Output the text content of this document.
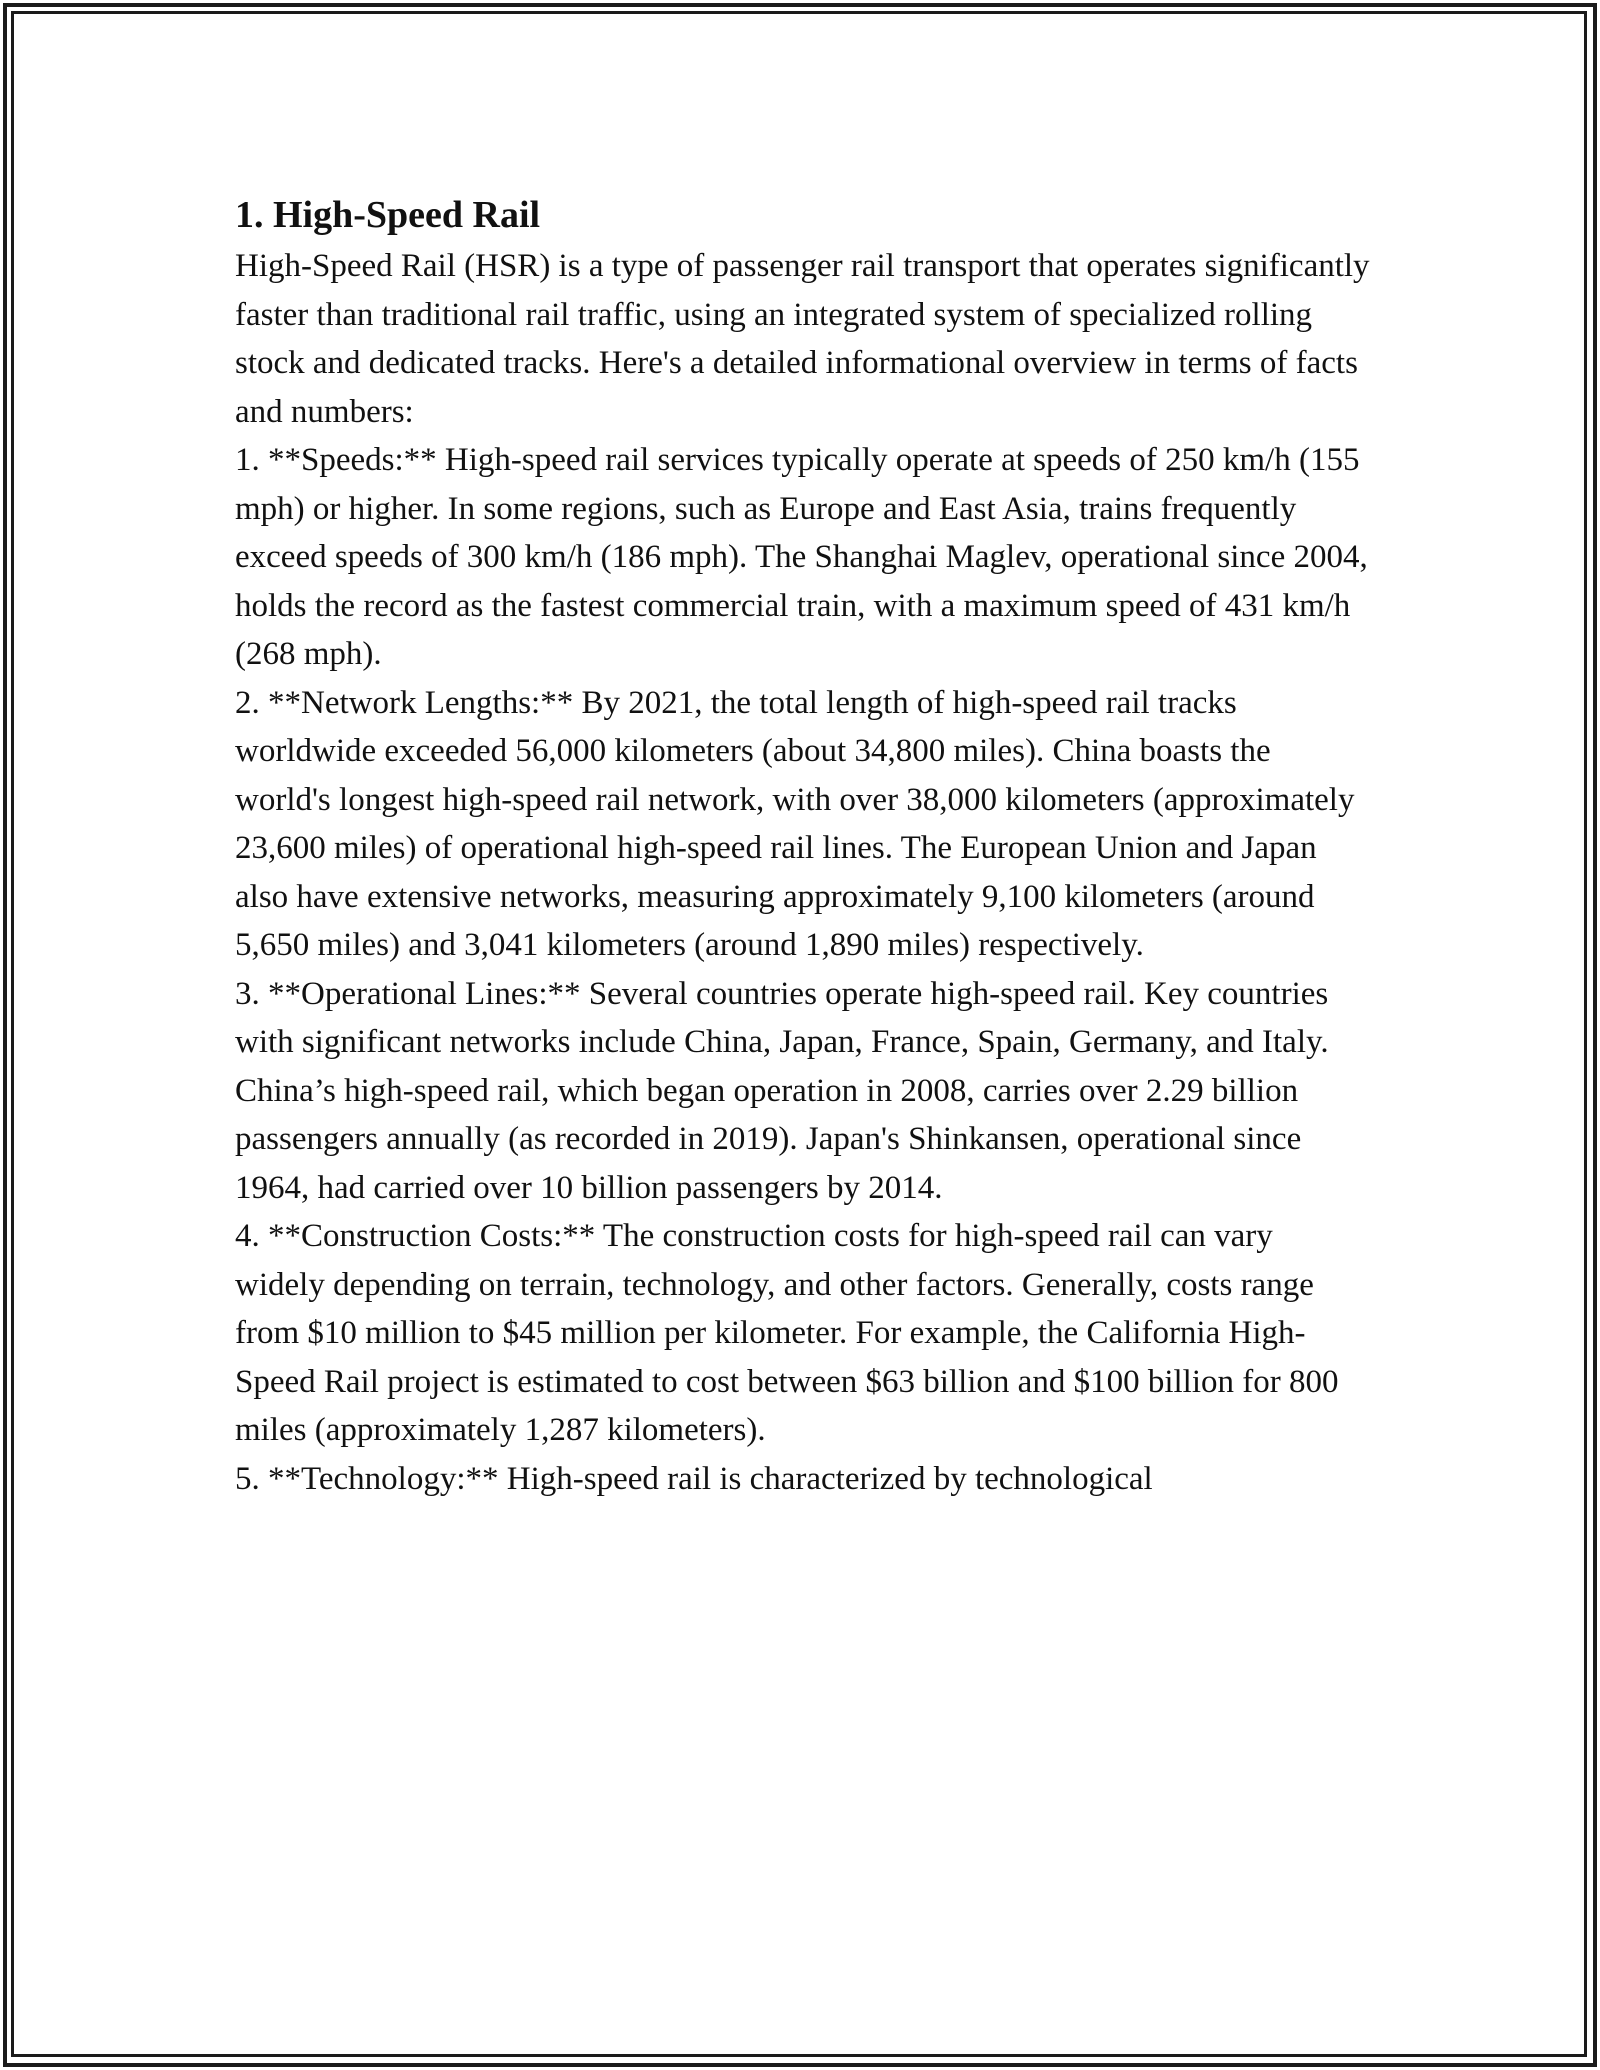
1. High-Speed Rail

High-Speed Rail (HSR) is a type of passenger rail transport that operates significantly faster than traditional rail traffic, using an integrated system of specialized rolling stock and dedicated tracks. Here's a detailed informational overview in terms of facts and numbers:

1. **Speeds:** High-speed rail services typically operate at speeds of 250 km/h (155 mph) or higher. In some regions, such as Europe and East Asia, trains frequently exceed speeds of 300 km/h (186 mph). The Shanghai Maglev, operational since 2004, holds the record as the fastest commercial train, with a maximum speed of 431 km/h (268 mph).

2. **Network Lengths:** By 2021, the total length of high-speed rail tracks worldwide exceeded 56,000 kilometers (about 34,800 miles). China boasts the world's longest high-speed rail network, with over 38,000 kilometers (approximately 23,600 miles) of operational high-speed rail lines. The European Union and Japan also have extensive networks, measuring approximately 9,100 kilometers (around 5,650 miles) and 3,041 kilometers (around 1,890 miles) respectively.

3. **Operational Lines:** Several countries operate high-speed rail. Key countries with significant networks include China, Japan, France, Spain, Germany, and Italy. China’s high-speed rail, which began operation in 2008, carries over 2.29 billion passengers annually (as recorded in 2019). Japan's Shinkansen, operational since 1964, had carried over 10 billion passengers by 2014.

4. **Construction Costs:** The construction costs for high-speed rail can vary widely depending on terrain, technology, and other factors. Generally, costs range from $10 million to $45 million per kilometer. For example, the California High-Speed Rail project is estimated to cost between $63 billion and $100 billion for 800 miles (approximately 1,287 kilometers).

5. **Technology:** High-speed rail is characterized by technological
